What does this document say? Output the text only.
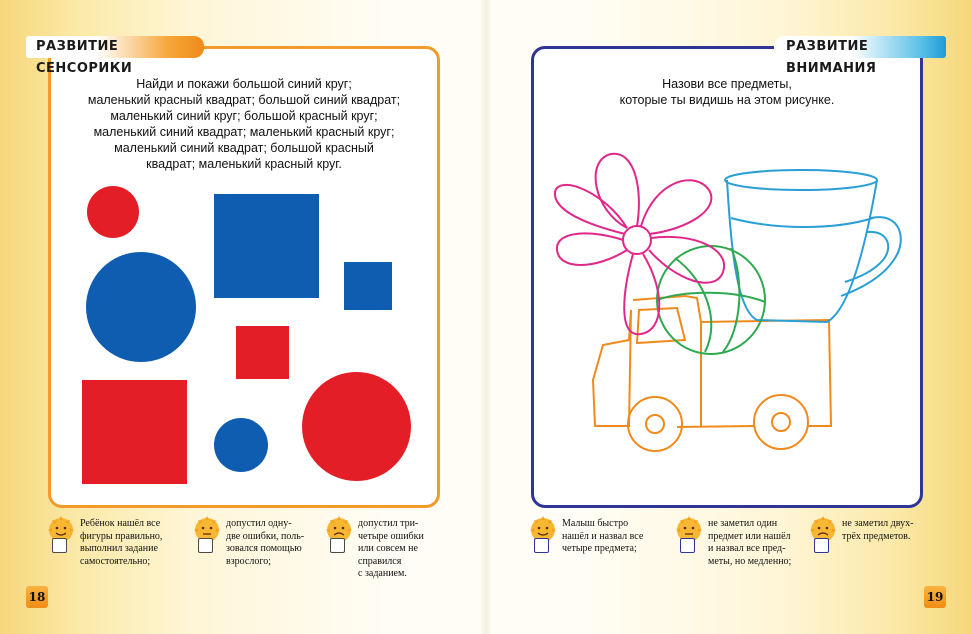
РАЗВИТИЕ СЕНСОРИКИ
Найди и покажи большой синий круг;
маленький красный квадрат; большой синий квадрат;
маленький синий круг; большой красный круг;
маленький синий квадрат; маленький красный круг;
маленький синий квадрат; большой красный
квадрат; маленький красный круг.
РАЗВИТИЕ ВНИМАНИЯ
Назови все предметы,
которые ты видишь на этом рисунке.
Ребёнок нашёл все
фигуры правильно,
выполнил задание
самостоятельно;
допустил одну-
две ошибки, поль-
зовался помощью
взрослого;
допустил три-
четыре ошибки
или совсем не
справился
с заданием.
Малыш быстро
нашёл и назвал все
четыре предмета;
не заметил один
предмет или нашёл
и назвал все пред-
меты, но медленно;
не заметил двух-
трёх предметов.
18	19
